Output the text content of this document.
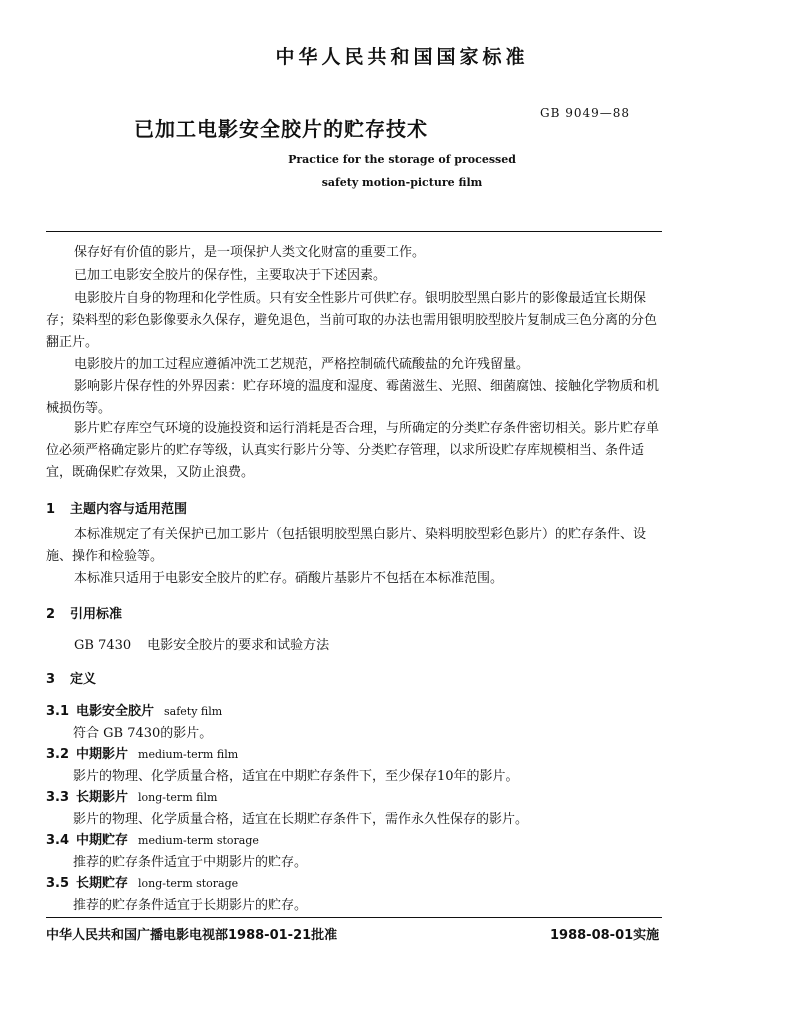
中华人民共和国国家标准
已加工电影安全胶片的贮存技术
GB 9049—88
Practice for the storage of processed
safety motion-picture film
保存好有价值的影片，是一项保护人类文化财富的重要工作。
已加工电影安全胶片的保存性，主要取决于下述因素。
电影胶片自身的物理和化学性质。只有安全性影片可供贮存。银明胶型黑白影片的影像最适宜长期保存；染料型的彩色影像要永久保存，避免退色，当前可取的办法也需用银明胶型胶片复制成三色分离的分色翻正片。
电影胶片的加工过程应遵循冲洗工艺规范，严格控制硫代硫酸盐的允许残留量。
影响影片保存性的外界因素：贮存环境的温度和湿度、霉菌滋生、光照、细菌腐蚀、接触化学物质和机械损伤等。
影片贮存库空气环境的设施投资和运行消耗是否合理，与所确定的分类贮存条件密切相关。影片贮存单位必须严格确定影片的贮存等级，认真实行影片分等、分类贮存管理，以求所设贮存库规模相当、条件适宜，既确保贮存效果，又防止浪费。
1 主题内容与适用范围
本标准规定了有关保护已加工影片（包括银明胶型黑白影片、染料明胶型彩色影片）的贮存条件、设施、操作和检验等。
本标准只适用于电影安全胶片的贮存。硝酸片基影片不包括在本标准范围。
2 引用标准
GB 7430 电影安全胶片的要求和试验方法
3 定义
3.1 电影安全胶片 safety film
符合 GB 7430的影片。
3.2 中期影片 medium-term film
影片的物理、化学质量合格，适宜在中期贮存条件下，至少保存10年的影片。
3.3 长期影片 long-term film
影片的物理、化学质量合格，适宜在长期贮存条件下，需作永久性保存的影片。
3.4 中期贮存 medium-term storage
推荐的贮存条件适宜于中期影片的贮存。
3.5 长期贮存 long-term storage
推荐的贮存条件适宜于长期影片的贮存。
中华人民共和国广播电影电视部1988-01-21批准	1988-08-01实施
